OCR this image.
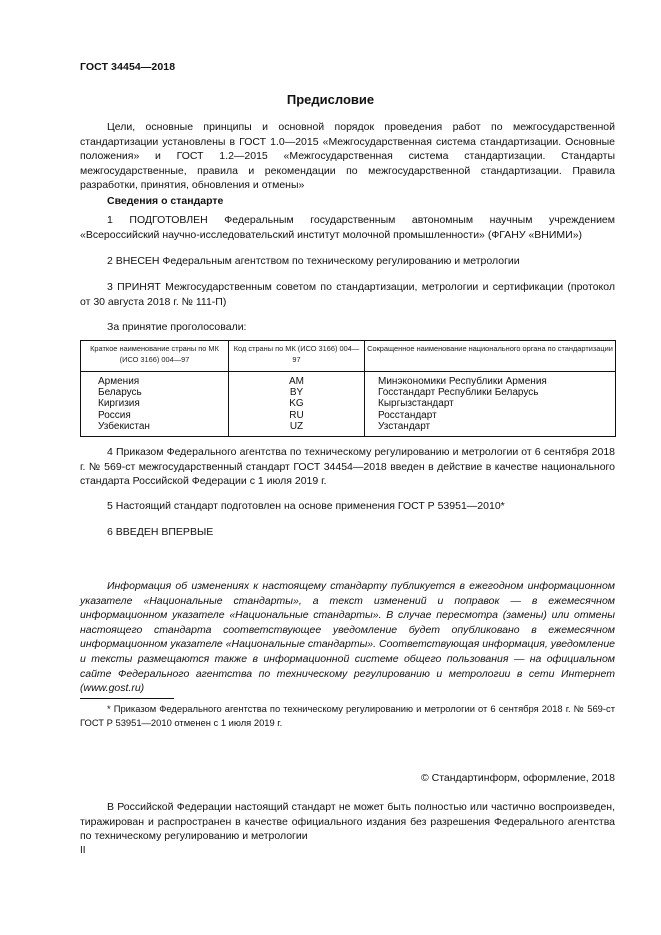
ГОСТ 34454—2018
Предисловие

Цели, основные принципы и основной порядок проведения работ по межгосударственной стандартизации установлены в ГОСТ 1.0—2015 «Межгосударственная система стандартизации. Основные положения» и ГОСТ 1.2—2015 «Межгосударственная система стандартизации. Стандарты межгосударственные, правила и рекомендации по межгосударственной стандартизации. Правила разработки, принятия, обновления и отмены»

Сведения о стандарте

1 ПОДГОТОВЛЕН Федеральным государственным автономным научным учреждением «Всероссийский научно-исследовательский институт молочной промышленности» (ФГАНУ «ВНИМИ»)

2 ВНЕСЕН Федеральным агентством по техническому регулированию и метрологии

3 ПРИНЯТ Межгосударственным советом по стандартизации, метрологии и сертификации (протокол от 30 августа 2018 г. № 111-П)

За принятие проголосовали:
Краткое наименование страны по МК (ИСО 3166) 004—97	Код страны по МК (ИСО 3166) 004—97	Сокращенное наименование национального органа по стандартизации
Армения	AM	Минэкономики Республики Армения
Беларусь	BY	Госстандарт Республики Беларусь
Киргизия	KG	Кыргызстандарт
Россия	RU	Росстандарт
Узбекистан	UZ	Узстандарт

4 Приказом Федерального агентства по техническому регулированию и метрологии от 6 сентября 2018 г. № 569-ст межгосударственный стандарт ГОСТ 34454—2018 введен в действие в качестве национального стандарта Российской Федерации с 1 июля 2019 г.

5 Настоящий стандарт подготовлен на основе применения ГОСТ Р 53951—2010*

6 ВВЕДЕН ВПЕРВЫЕ

Информация об изменениях к настоящему стандарту публикуется в ежегодном информационном указателе «Национальные стандарты», а текст изменений и поправок — в ежемесячном информационном указателе «Национальные стандарты». В случае пересмотра (замены) или отмены настоящего стандарта соответствующее уведомление будет опубликовано в ежемесячном информационном указателе «Национальные стандарты». Соответствующая информация, уведомление и тексты размещаются также в информационной системе общего пользования — на официальном сайте Федерального агентства по техническому регулированию и метрологии в сети Интернет (www.gost.ru)

* Приказом Федерального агентства по техническому регулированию и метрологии от 6 сентября 2018 г. № 569-ст ГОСТ Р 53951—2010 отменен с 1 июля 2019 г.

© Стандартинформ, оформление, 2018

В Российской Федерации настоящий стандарт не может быть полностью или частично воспроизведен, тиражирован и распространен в качестве официального издания без разрешения Федерального агентства по техническому регулированию и метрологии

II
